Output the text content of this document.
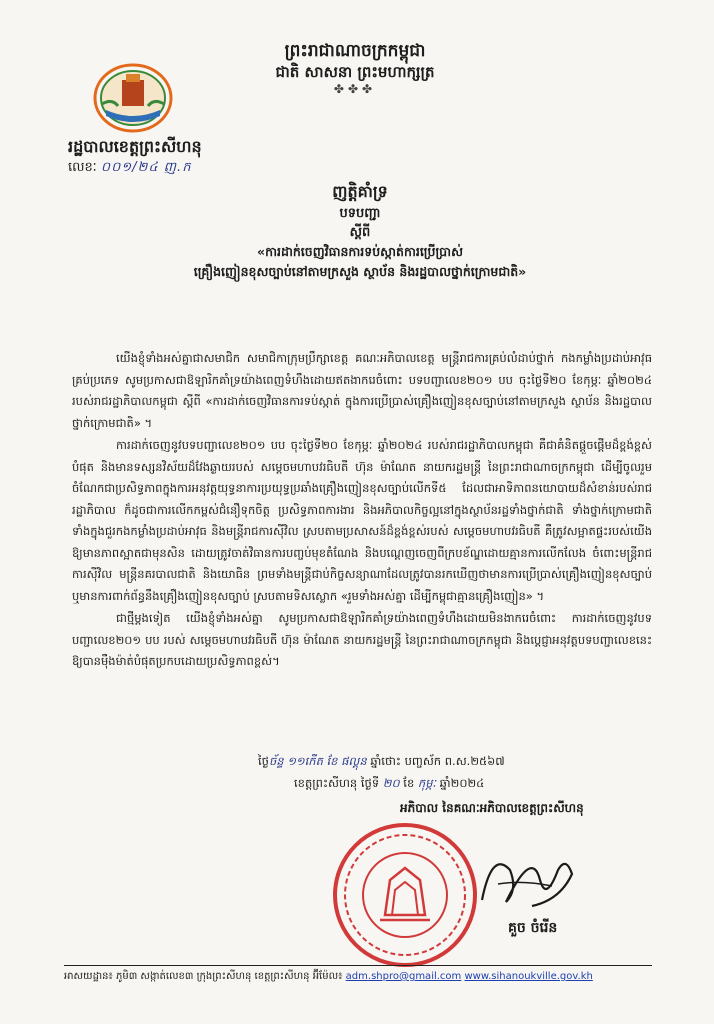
ព្រះរាជាណាចក្រកម្ពុជា
ជាតិ សាសនា ព្រះមហាក្សត្រ
✤✤✤
រដ្ឋបាលខេត្តព្រះសីហនុ
លេខៈ ០០១/២៤ ញ.ក
ញត្តិគាំទ្រ
បទបញ្ជា
ស្តីពី
«ការដាក់ចេញវិធានការទប់ស្កាត់ការប្រើប្រាស់
គ្រឿងញៀនខុសច្បាប់នៅតាមក្រសួង ស្ថាប័ន និងរដ្ឋបាលថ្នាក់ក្រោមជាតិ»

យើងខ្ញុំទាំងអស់គ្នាជាសមាជិក សមាជិកាក្រុមប្រឹក្សាខេត្ត គណៈអភិបាលខេត្ត មន្ត្រីរាជការគ្រប់លំដាប់ថ្នាក់ កងកម្លាំងប្រដាប់អាវុធគ្រប់ប្រភេទ សូមប្រកាសជាឱឡារិកគាំទ្រយ៉ាងពេញទំហឹងដោយឥតងាករេចំពោះ បទបញ្ជាលេខ២០១ បប ចុះថ្ងៃទី២០ ខែកុម្ភៈ ឆ្នាំ២០២៤ របស់រាជរដ្ឋាភិបាលកម្ពុជា ស្តីពី «ការដាក់ចេញវិធានការទប់ស្កាត់ ក្នុងការប្រើប្រាស់គ្រឿងញៀនខុសច្បាប់នៅតាមក្រសួង ស្ថាប័ន និងរដ្ឋបាលថ្នាក់ក្រោមជាតិ» ។

ការដាក់ចេញនូវបទបញ្ជាលេខ២០១ បប ចុះថ្ងៃទី២០ ខែកុម្ភៈ ឆ្នាំ២០២៤ របស់រាជរដ្ឋាភិបាលកម្ពុជា គឺជាគំនិតផ្តួចផ្តើមដ៏ខ្ពង់ខ្ពស់បំផុត និងមានទស្សនវិស័យដ៏វែងឆ្ងាយរបស់ សម្តេចមហាបវរធិបតី ហ៊ុន ម៉ាណែត នាយករដ្ឋមន្ត្រី នៃព្រះរាជាណាចក្រកម្ពុជា ដើម្បីចូលរួមចំណែកជាប្រសិទ្ធភាពក្នុងការអនុវត្តយុទ្ធនាការប្រយុទ្ធប្រឆាំងគ្រឿងញៀនខុសច្បាប់លើកទី៥ ដែលជាអាទិភាពនយោបាយដ៏សំខាន់របស់រាជរដ្ឋាភិបាល ក៏ដូចជាការលើកកម្ពស់ជំនឿទុកចិត្ត ប្រសិទ្ធភាពការងារ និងអភិបាលកិច្ចល្អនៅក្នុងស្ថាប័នរដ្ឋទាំងថ្នាក់ជាតិ ទាំងថ្នាក់ក្រោមជាតិ ទាំងក្នុងជួរកងកម្លាំងប្រដាប់អាវុធ និងមន្ត្រីរាជការស៊ីវិល ស្របតាមប្រសាសន៍ដ៏ខ្ពង់ខ្ពស់របស់ សម្តេចមហាបវរធិបតី គឺត្រូវសម្អាតផ្ទះរបស់យើងឱ្យមានភាពស្អាតជាមុនសិន ដោយត្រូវចាត់វិធានការបញ្ចប់មុខតំណែង និងបណ្តេញចេញពីក្របខ័ណ្ឌដោយគ្មានការលើកលែង ចំពោះមន្ត្រីរាជការស៊ីវិល មន្ត្រីនគរបាលជាតិ និងយោធិន ព្រមទាំងមន្ត្រីជាប់កិច្ចសន្យាណាដែលត្រូវបានរកឃើញថាមានការប្រើប្រាស់គ្រឿងញៀនខុសច្បាប់ ឬមានការពាក់ព័ន្ធនឹងគ្រឿងញៀនខុសច្បាប់ ស្របតាមទិសស្លោក «រួមទាំងអស់គ្នា ដើម្បីកម្ពុជាគ្មានគ្រឿងញៀន» ។

ជាថ្មីម្តងទៀត យើងខ្ញុំទាំងអស់គ្នា សូមប្រកាសជាឱឡារិកគាំទ្រយ៉ាងពេញទំហឹងដោយមិនងាករេចំពោះ ការដាក់ចេញនូវបទបញ្ជាលេខ២០១ បប របស់ សម្តេចមហាបវរធិបតី ហ៊ុន ម៉ាណែត នាយករដ្ឋមន្ត្រី នៃព្រះរាជាណាចក្រកម្ពុជា និងប្តេជ្ញាអនុវត្តបទបញ្ជាលេខនេះ ឱ្យបានម៉ឺងម៉ាត់បំផុតប្រកបដោយប្រសិទ្ធភាពខ្ពស់។

ថ្ងៃច័ន្ទ ១១កើត ខែ ផល្គុន ឆ្នាំថោះ បញ្ចស័ក ព.ស.២៥៦៧
ខេត្តព្រះសីហនុ ថ្ងៃទី ២០ ខែ កុម្ភៈ ឆ្នាំ២០២៤
អភិបាល នៃគណៈអភិបាលខេត្តព្រះសីហនុ
គួច ចំរើន
អាសយដ្ឋាន៖ ភូមិ៣ សង្កាត់លេខ៣ ក្រុងព្រះសីហនុ ខេត្តព្រះសីហនុ អ៊ីម៉ែល៖ adm.shpro@gmail.com www.sihanoukville.gov.kh
